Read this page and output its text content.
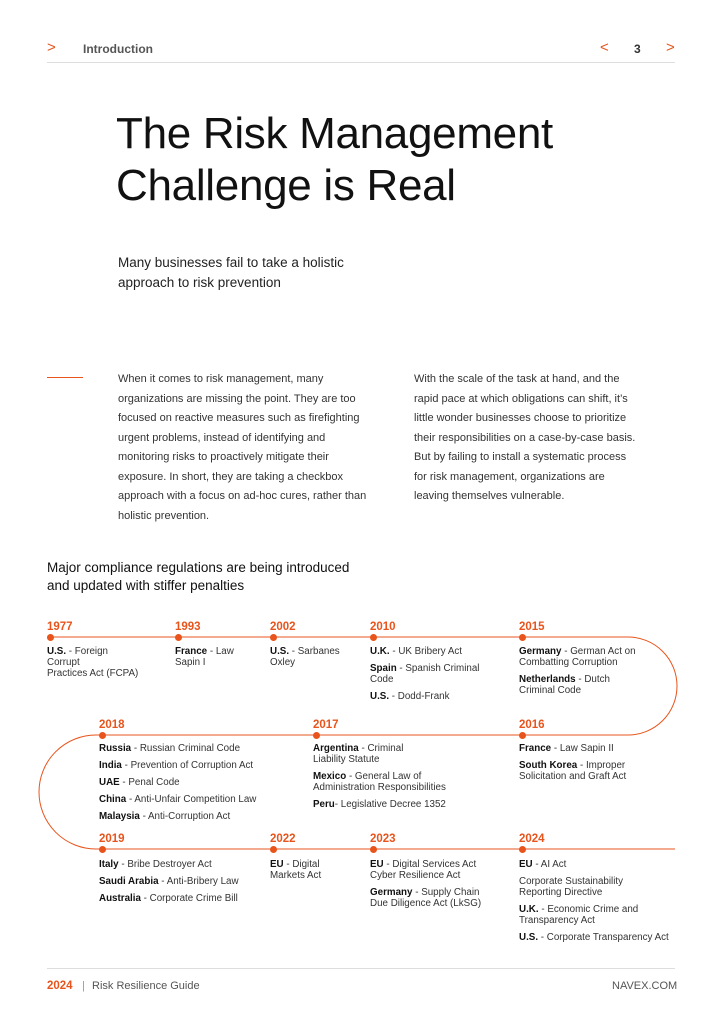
> Introduction	< 3 >
The Risk Management
Challenge is Real
Many businesses fail to take a holistic
approach to risk prevention
When it comes to risk management, many
organizations are missing the point. They are too
focused on reactive measures such as firefighting
urgent problems, instead of identifying and
monitoring risks to proactively mitigate their
exposure. In short, they are taking a checkbox
approach with a focus on ad-hoc cures, rather than
holistic prevention.
With the scale of the task at hand, and the
rapid pace at which obligations can shift, it’s
little wonder businesses choose to prioritize
their responsibilities on a case-by-case basis.
But by failing to install a systematic process
for risk management, organizations are
leaving themselves vulnerable.
Major compliance regulations are being introduced
and updated with stiffer penalties
1977
U.S. - Foreign
Corrupt
Practices Act (FCPA)
1993
France - Law
Sapin I
2002
U.S. - Sarbanes
Oxley
2010
U.K. - UK Bribery Act
Spain - Spanish Criminal
Code
U.S. - Dodd-Frank
2015
Germany - German Act on
Combatting Corruption
Netherlands - Dutch
Criminal Code
2018
Russia - Russian Criminal Code
India - Prevention of Corruption Act
UAE - Penal Code
China - Anti-Unfair Competition Law
Malaysia - Anti-Corruption Act
2017
Argentina - Criminal
Liability Statute
Mexico - General Law of
Administration Responsibilities
Peru- Legislative Decree 1352
2016
France - Law Sapin II
South Korea - Improper
Solicitation and Graft Act
2019
Italy - Bribe Destroyer Act
Saudi Arabia - Anti-Bribery Law
Australia - Corporate Crime Bill
2022
EU - Digital
Markets Act
2023
EU - Digital Services Act
Cyber Resilience Act
Germany - Supply Chain
Due Diligence Act (LkSG)
2024
EU - AI Act
Corporate Sustainability
Reporting Directive
U.K. - Economic Crime and
Transparency Act
U.S. - Corporate Transparency Act
2024 | Risk Resilience Guide	NAVEX.COM
